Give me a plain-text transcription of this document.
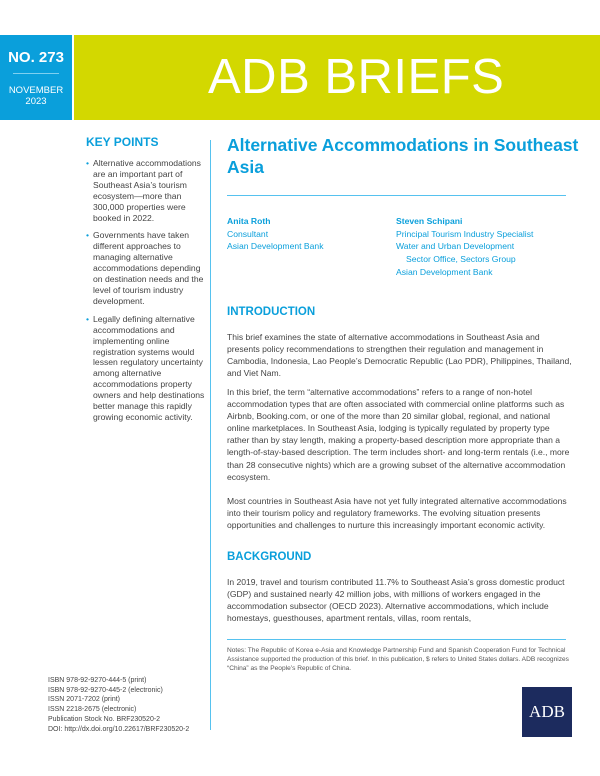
NO. 273
NOVEMBER
2023	ADB BRIEFS
KEY POINTS
• Alternative accommodations are an important part of Southeast Asia’s tourism ecosystem—more than 300,000 properties were booked in 2022.
• Governments have taken different approaches to managing alternative accommodations depending on destination needs and the level of tourism industry development.
• Legally defining alternative accommodations and implementing online registration systems would lessen regulatory uncertainty among alternative accommodations property owners and help destinations better manage this rapidly growing economic activity.
Alternative Accommodations in Southeast Asia
Anita Roth
Consultant
Asian Development Bank
Steven Schipani
Principal Tourism Industry Specialist
Water and Urban Development
Sector Office, Sectors Group
Asian Development Bank
INTRODUCTION

This brief examines the state of alternative accommodations in Southeast Asia and presents policy recommendations to strengthen their regulation and management in Cambodia, Indonesia, Lao People’s Democratic Republic (Lao PDR), Philippines, Thailand, and Viet Nam.

In this brief, the term “alternative accommodations” refers to a range of non-hotel accommodation types that are often associated with commercial online platforms such as Airbnb, Booking.com, or one of the more than 20 similar global, regional, and national online marketplaces. In Southeast Asia, lodging is typically regulated by property type rather than by stay length, making a property-based description more appropriate than a length-of-stay-based description. The term includes short- and long-term rentals (i.e., more than 28 consecutive nights) which are a growing subset of the alternative accommodation ecosystem.

Most countries in Southeast Asia have not yet fully integrated alternative accommodations into their tourism policy and regulatory frameworks. The evolving situation presents opportunities and challenges to nurture this increasingly important economic activity.

BACKGROUND

In 2019, travel and tourism contributed 11.7% to Southeast Asia’s gross domestic product (GDP) and sustained nearly 42 million jobs, with millions of workers engaged in the accommodation subsector (OECD 2023). Alternative accommodations, which include homestays, guesthouses, apartment rentals, villas, room rentals,

Notes: The Republic of Korea e-Asia and Knowledge Partnership Fund and Spanish Cooperation Fund for Technical Assistance supported the production of this brief. In this publication, $ refers to United States dollars. ADB recognizes “China” as the People’s Republic of China.
ISBN 978-92-9270-444-5 (print)
ISBN 978-92-9270-445-2 (electronic)
ISSN 2071-7202 (print)
ISSN 2218-2675 (electronic)
Publication Stock No. BRF230520-2
DOI: http://dx.doi.org/10.22617/BRF230520-2
ADB
